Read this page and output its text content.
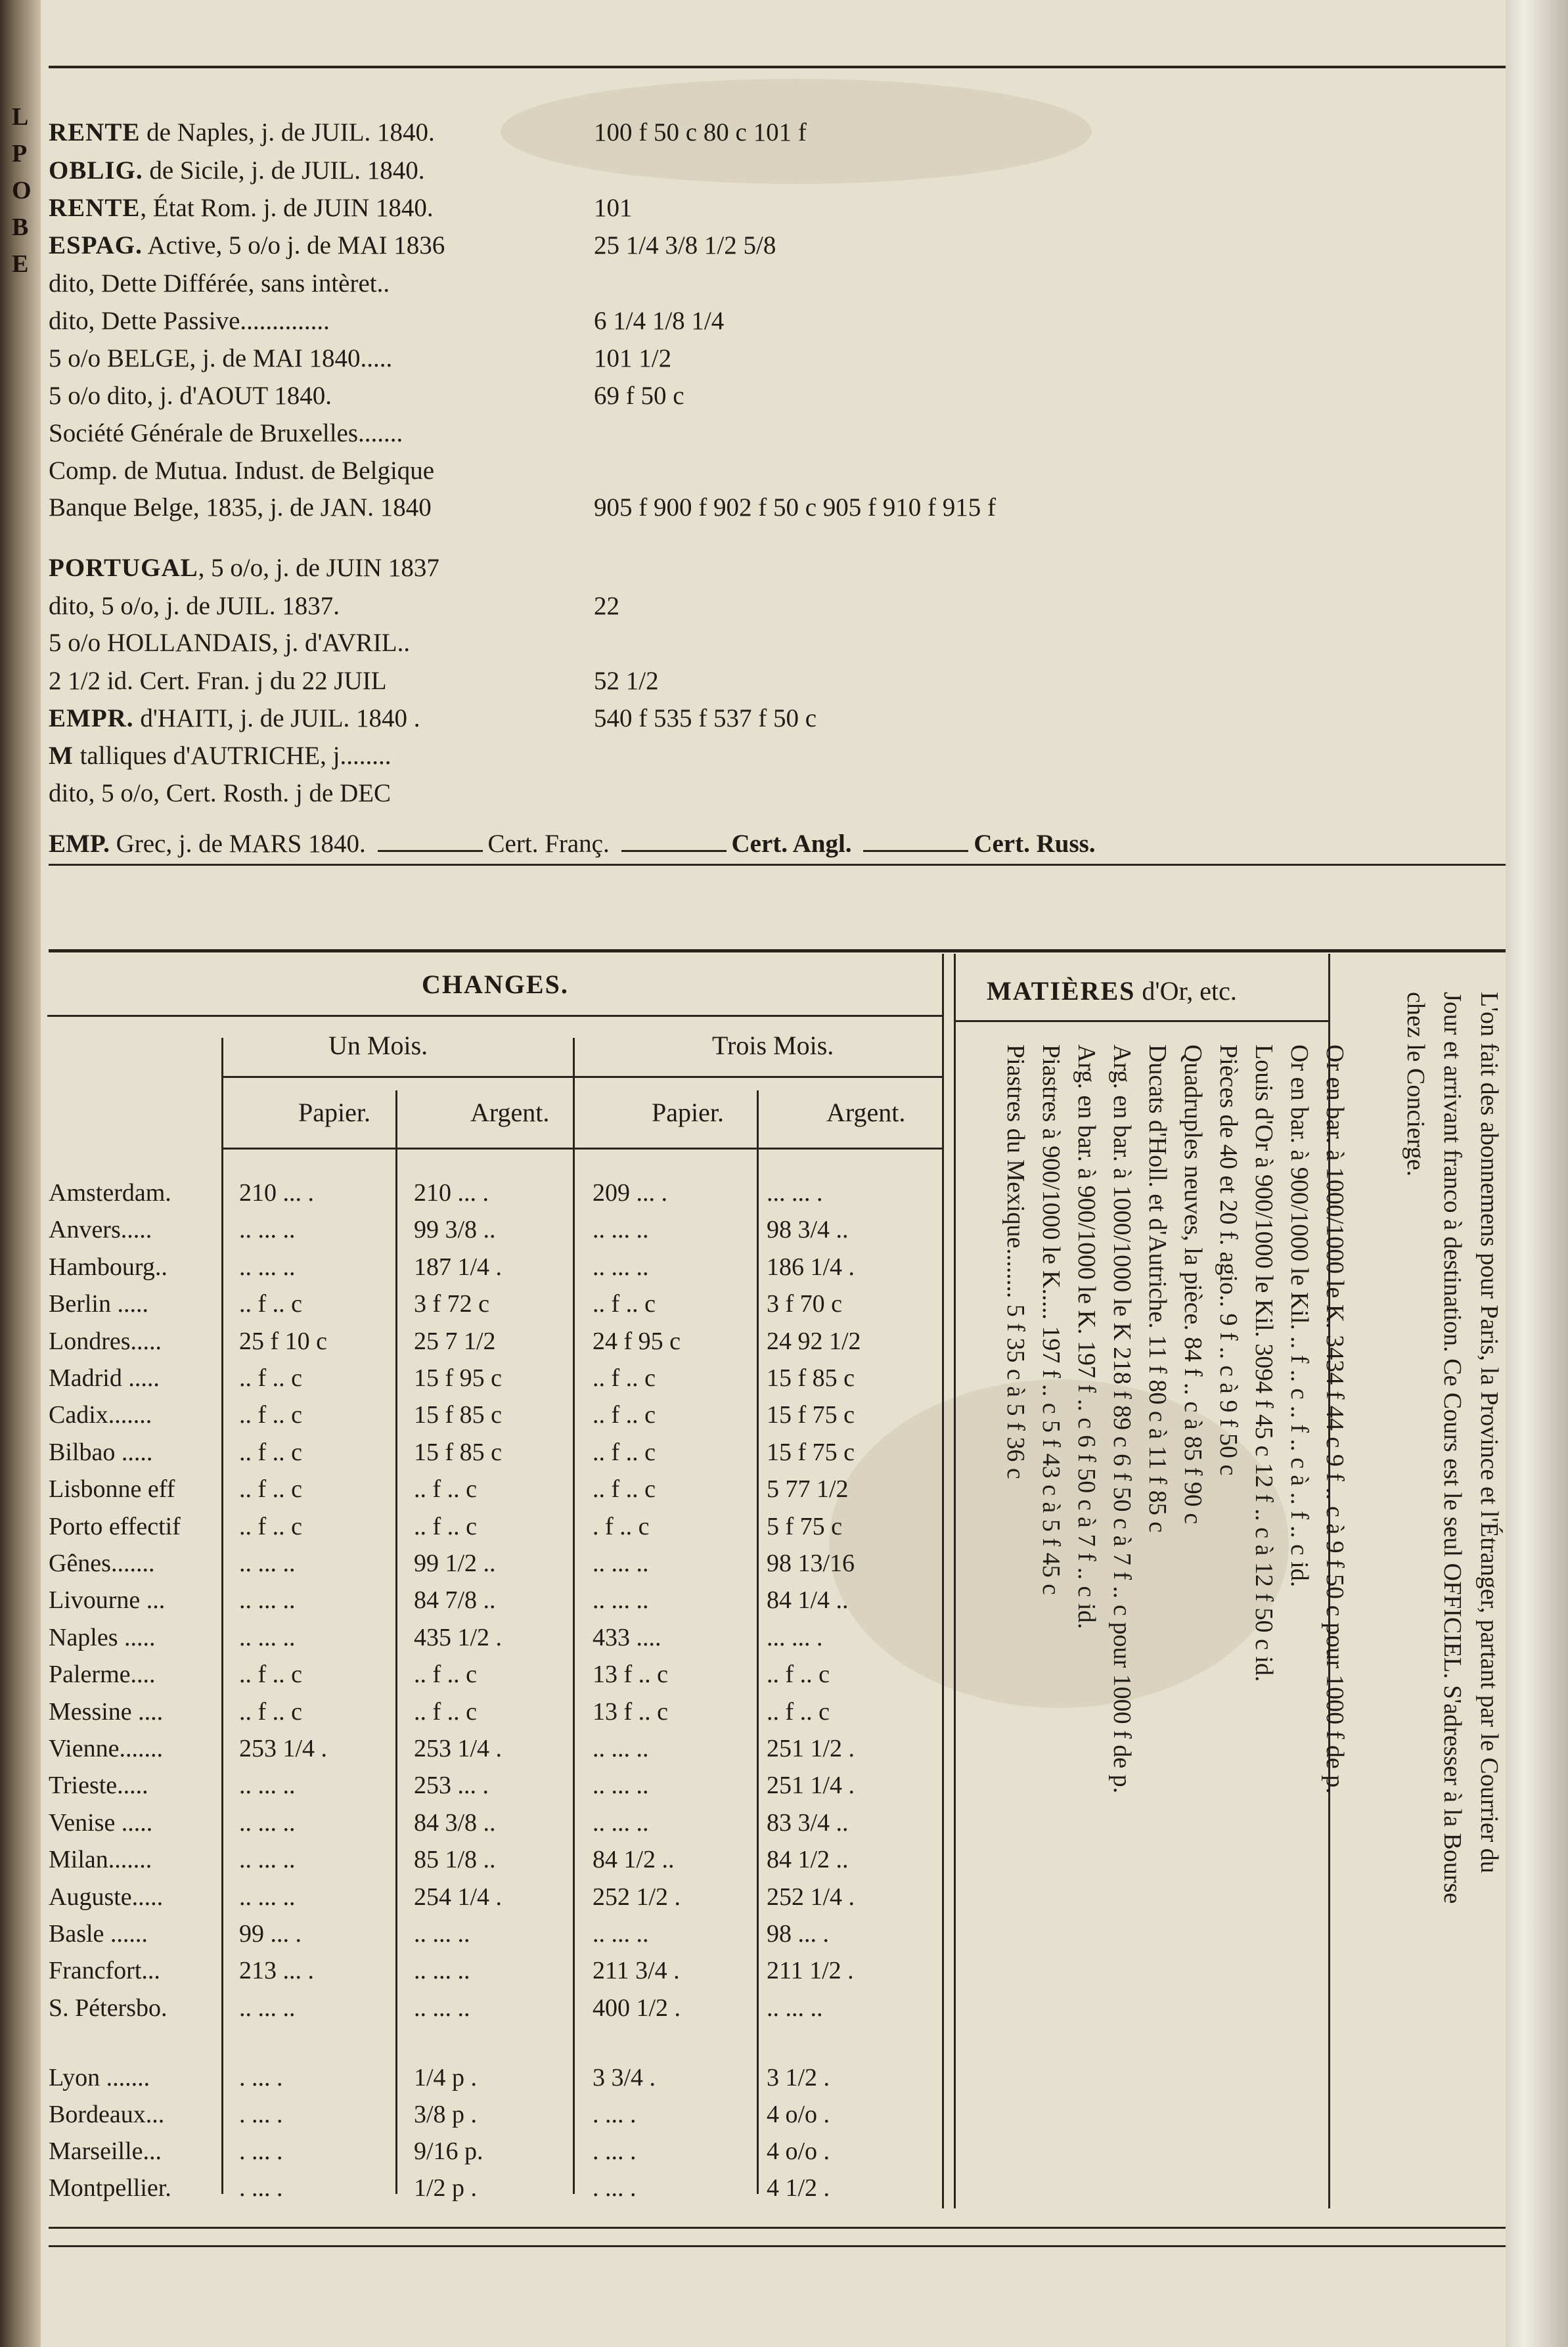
L
P
O
B
E
RENTE de Naples, j. de JUIL. 1840.	100 f 50 c 80 c 101 f
OBLIG. de Sicile, j. de JUIL. 1840.
RENTE, État Rom. j. de JUIN 1840.	101
ESPAG. Active, 5 o/o j. de MAI 1836	25 1/4 3/8 1/2 5/8
dito, Dette Différée, sans intèret..
dito, Dette Passive..............	6 1/4 1/8 1/4
5 o/o BELGE, j. de MAI 1840.....	101 1/2
5 o/o dito, j. d'AOUT 1840.	69 f 50 c
Société Générale de Bruxelles.......
Comp. de Mutua. Indust. de Belgique
Banque Belge, 1835, j. de JAN. 1840	905 f 900 f 902 f 50 c 905 f 910 f 915 f
PORTUGAL, 5 o/o, j. de JUIN 1837
dito, 5 o/o, j. de JUIL. 1837.	22
5 o/o HOLLANDAIS, j. d'AVRIL..
2 1/2 id. Cert. Fran. j du 22 JUIL	52 1/2
EMPR. d'HAITI, j. de JUIL. 1840 .	540 f 535 f 537 f 50 c
M talliques d'AUTRICHE, j........
dito, 5 o/o, Cert. Rosth. j de DEC
EMP. Grec, j. de MARS 1840.	Cert. Franç.	Cert. Angl.	Cert. Russ.
CHANGES.
Un Mois.	Trois Mois.
Papier.	Argent.	Papier.	Argent.
Amsterdam.	210 ... .	210 ... .	209 ... .	... ... .
Anvers.....	.. ... ..	99 3/8 ..	.. ... ..	98 3/4 ..
Hambourg..	.. ... ..	187 1/4 .	.. ... ..	186 1/4 .
Berlin .....	.. f .. c	3 f 72 c	.. f .. c	3 f 70 c
Londres.....	25 f 10 c	25 7 1/2	24 f 95 c	24 92 1/2
Madrid .....	.. f .. c	15 f 95 c	.. f .. c	15 f 85 c
Cadix.......	.. f .. c	15 f 85 c	.. f .. c	15 f 75 c
Bilbao .....	.. f .. c	15 f 85 c	.. f .. c	15 f 75 c
Lisbonne eff	.. f .. c	.. f .. c	.. f .. c	5 77 1/2
Porto effectif .. f .. c	.. f .. c	. f .. c	5 f 75 c
Gênes.......	.. ... ..	99 1/2 ..	.. ... ..	98 13/16
Livourne ...	.. ... ..	84 7/8 ..	.. ... ..	84 1/4 ..
Naples .....	.. ... ..	435 1/2 .	433 ....	... ... .
Palerme....	.. f .. c	.. f .. c	13 f .. c	.. f .. c
Messine ....	.. f .. c	.. f .. c	13 f .. c	.. f .. c
Vienne.......	253 1/4 .	253 1/4 .	.. ... ..	251 1/2 .
Trieste.....	.. ... ..	253 ... .	.. ... ..	251 1/4 .
Venise .....	.. ... ..	84 3/8 ..	.. ... ..	83 3/4 ..
Milan.......	.. ... ..	85 1/8 ..	84 1/2 ..	84 1/2 ..
Auguste.....	.. ... ..	254 1/4 .	252 1/2 .	252 1/4 .
Basle ......	99 ... .	.. ... ..	.. ... ..	98 ... .
Francfort...	213 ... .	.. ... ..	211 3/4 .	211 1/2 .
S. Pétersbo.	.. ... ..	.. ... ..	400 1/2 .	.. ... ..
Lyon .......	. ... .	1/4 p .	3 3/4 .	3 1/2 .
Bordeaux...	. ... .	3/8 p .	. ... .	4 o/o .
Marseille...	. ... .	9/16 p.	. ... .	4 o/o .
Montpellier.	. ... .	1/2 p .	. ... .	4 1/2 .
MATIÈRES d'Or, etc.
Or en bar. à 1000/1000 le K. 3434 f 44 c 9 f .. c à 9 f 50 c pour 1000 f de p.
Or en bar. à 900/1000 le Kil. .. f .. c .. f .. c à .. f .. c id.
Louis d'Or à 900/1000 le Kil. 3094 f 45 c 12 f .. c à 12 f 50 c id.
Pièces de 40 et 20 f. agio.. 9 f .. c à 9 f 50 c
Quadruples neuves, la pièce. 84 f .. c à 85 f 90 c
Ducats d'Holl. et d'Autriche. 11 f 80 c à 11 f 85 c
Arg. en bar. à 1000/1000 le K 218 f 89 c 6 f 50 c à 7 f .. c pour 1000 f de p.
Arg. en bar. à 900/1000 le K. 197 f .. c 6 f 50 c à 7 f .. c id.
Piastres à 900/1000 le K..... 197 f .. c 5 f 43 c à 5 f 45 c
Piastres du Mexique........ 5 f 35 c à 5 f 36 c	L'on fait des abonnemens pour Paris, la Province et l'Étranger, partant par le Courrier du
Jour et arrivant franco à destination. Ce Cours est le seul OFFICIEL. S'adresser à la Bourse
chez le Concierge.
